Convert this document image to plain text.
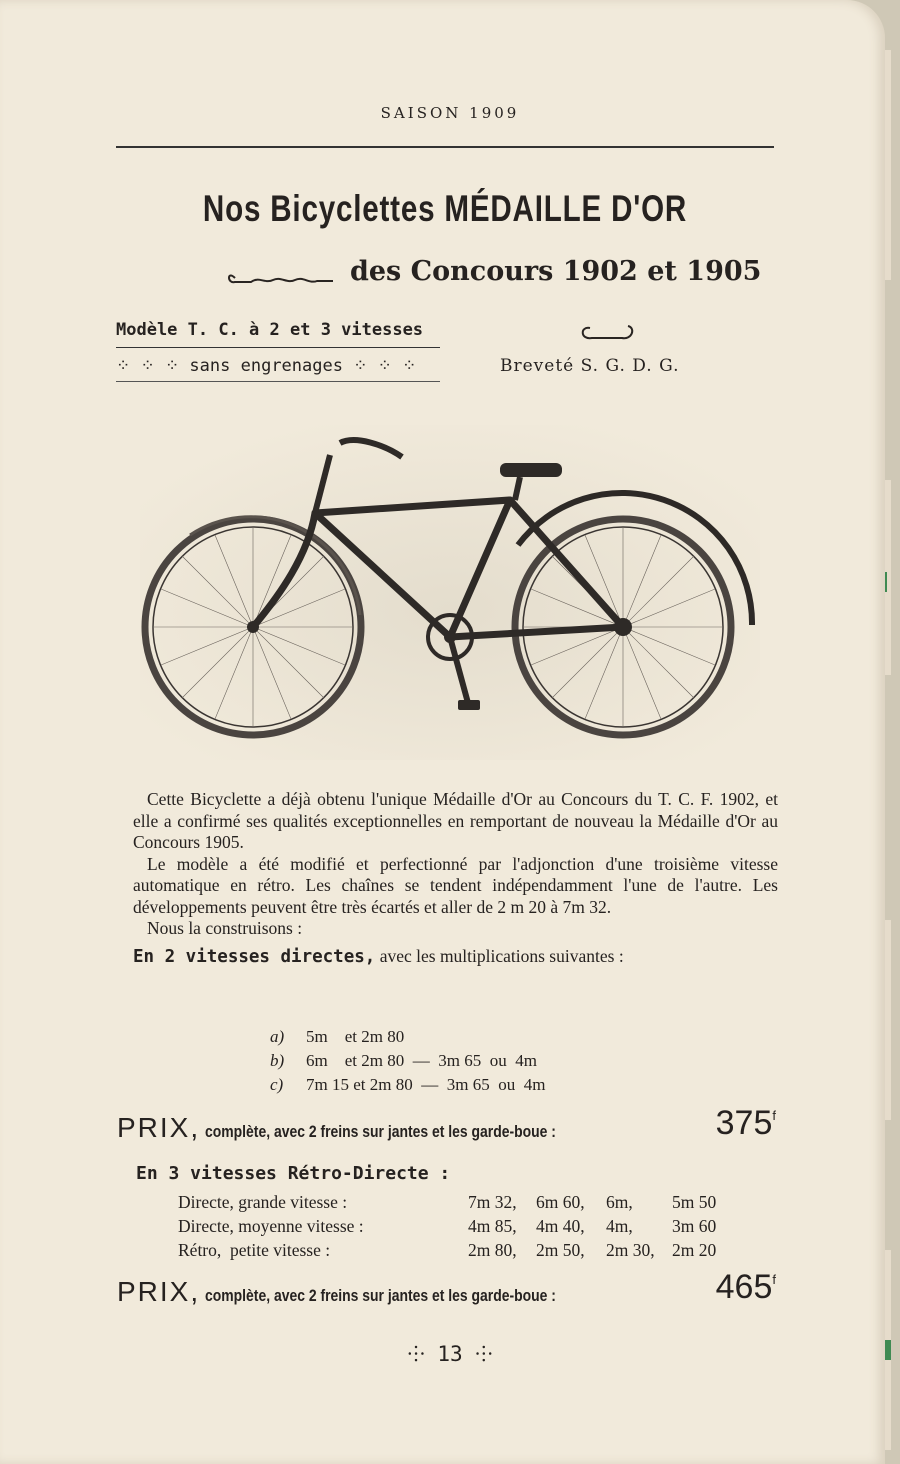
SAISON 1909
Nos Bicyclettes MÉDAILLE D'OR
des Concours 1902 et 1905
Modèle T. C. à 2 et 3 vitesses
⁘ ⁘ ⁘ sans engrenages ⁘ ⁘ ⁘	Breveté S. G. D. G.

Cette Bicyclette a déjà obtenu l'unique Médaille d'Or au Concours du T. C. F. 1902, et elle a confirmé ses qualités exceptionnelles en remportant de nouveau la Médaille d'Or au Concours 1905.

Le modèle a été modifié et perfectionné par l'adjonction d'une troisième vitesse automatique en rétro. Les chaînes se tendent indépendamment l'une de l'autre. Les développements peuvent être très écartés et aller de 2 m 20 à 7m 32.

Nous la construisons :

En 2 vitesses directes, avec les multiplications suivantes :

a) 5m    et 2m 80
b) 6m    et 2m 80  —  3m 65  ou  4m
c) 7m 15 et 2m 80  —  3m 65  ou  4m
PRIX, complète, avec 2 freins sur jantes et les garde-boue :	375$^f$
En 3 vitesses Rétro-Directe :
Directe, grande vitesse :	7m 32, 6m 60, 6m, 5m 50
Directe, moyenne vitesse :	4m 85, 4m 40, 4m, 3m 60
Rétro,  petite vitesse :	2m 80, 2m 50, 2m 30, 2m 20
PRIX, complète, avec 2 freins sur jantes et les garde-boue :	465$^f$
⸭ 13 ⸭
